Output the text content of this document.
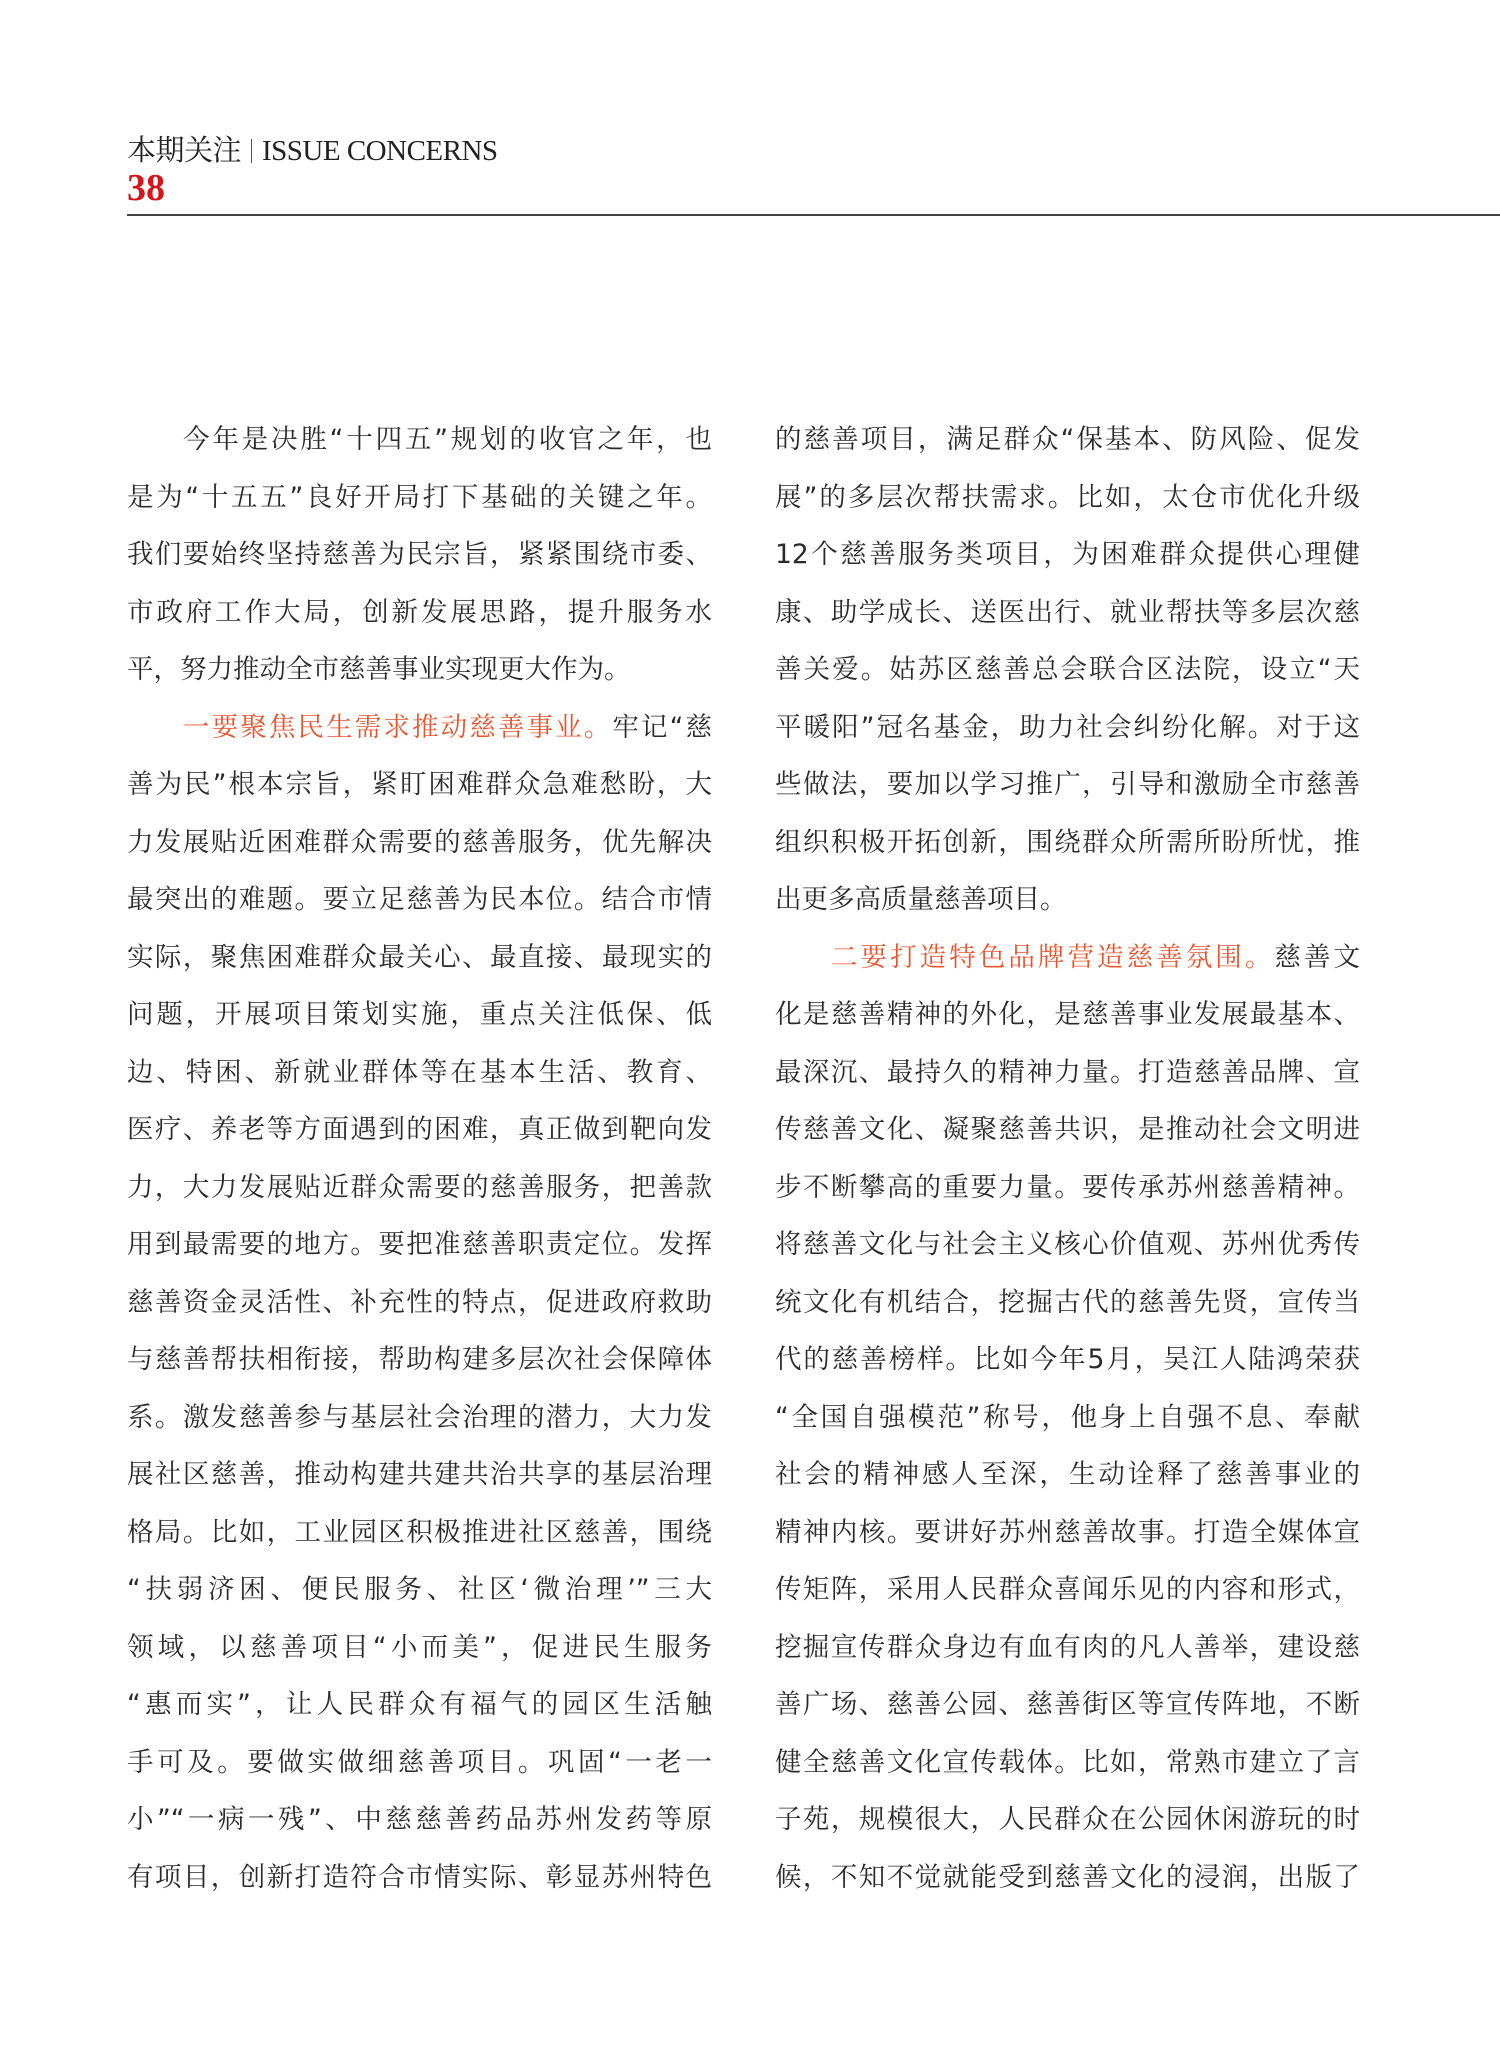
本期关注 ISSUE CONCERNS
38
今年是决胜“十四五”规划的收官之年，也
是为“十五五”良好开局打下基础的关键之年。
我们要始终坚持慈善为民宗旨，紧紧围绕市委、
市政府工作大局，创新发展思路，提升服务水
平，努力推动全市慈善事业实现更大作为。
一要聚焦民生需求推动慈善事业。牢记“慈
善为民”根本宗旨，紧盯困难群众急难愁盼，大
力发展贴近困难群众需要的慈善服务，优先解决
最突出的难题。要立足慈善为民本位。结合市情
实际，聚焦困难群众最关心、最直接、最现实的
问题，开展项目策划实施，重点关注低保、低
边、特困、新就业群体等在基本生活、教育、
医疗、养老等方面遇到的困难，真正做到靶向发
力，大力发展贴近群众需要的慈善服务，把善款
用到最需要的地方。要把准慈善职责定位。发挥
慈善资金灵活性、补充性的特点，促进政府救助
与慈善帮扶相衔接，帮助构建多层次社会保障体
系。激发慈善参与基层社会治理的潜力，大力发
展社区慈善，推动构建共建共治共享的基层治理
格局。比如，工业园区积极推进社区慈善，围绕
“扶弱济困、便民服务、社区‘微治理’”三大
领域，以慈善项目“小而美”，促进民生服务
“惠而实”，让人民群众有福气的园区生活触
手可及。要做实做细慈善项目。巩固“一老一
小”“一病一残”、中慈慈善药品苏州发药等原
有项目，创新打造符合市情实际、彰显苏州特色
的慈善项目，满足群众“保基本、防风险、促发
展”的多层次帮扶需求。比如，太仓市优化升级
12个慈善服务类项目，为困难群众提供心理健
康、助学成长、送医出行、就业帮扶等多层次慈
善关爱。姑苏区慈善总会联合区法院，设立“天
平暖阳”冠名基金，助力社会纠纷化解。对于这
些做法，要加以学习推广，引导和激励全市慈善
组织积极开拓创新，围绕群众所需所盼所忧，推
出更多高质量慈善项目。
二要打造特色品牌营造慈善氛围。慈善文
化是慈善精神的外化，是慈善事业发展最基本、
最深沉、最持久的精神力量。打造慈善品牌、宣
传慈善文化、凝聚慈善共识，是推动社会文明进
步不断攀高的重要力量。要传承苏州慈善精神。
将慈善文化与社会主义核心价值观、苏州优秀传
统文化有机结合，挖掘古代的慈善先贤，宣传当
代的慈善榜样。比如今年5月，吴江人陆鸿荣获
“全国自强模范”称号，他身上自强不息、奉献
社会的精神感人至深，生动诠释了慈善事业的
精神内核。要讲好苏州慈善故事。打造全媒体宣
传矩阵，采用人民群众喜闻乐见的内容和形式，
挖掘宣传群众身边有血有肉的凡人善举，建设慈
善广场、慈善公园、慈善街区等宣传阵地，不断
健全慈善文化宣传载体。比如，常熟市建立了言
子苑，规模很大，人民群众在公园休闲游玩的时
候，不知不觉就能受到慈善文化的浸润，出版了
